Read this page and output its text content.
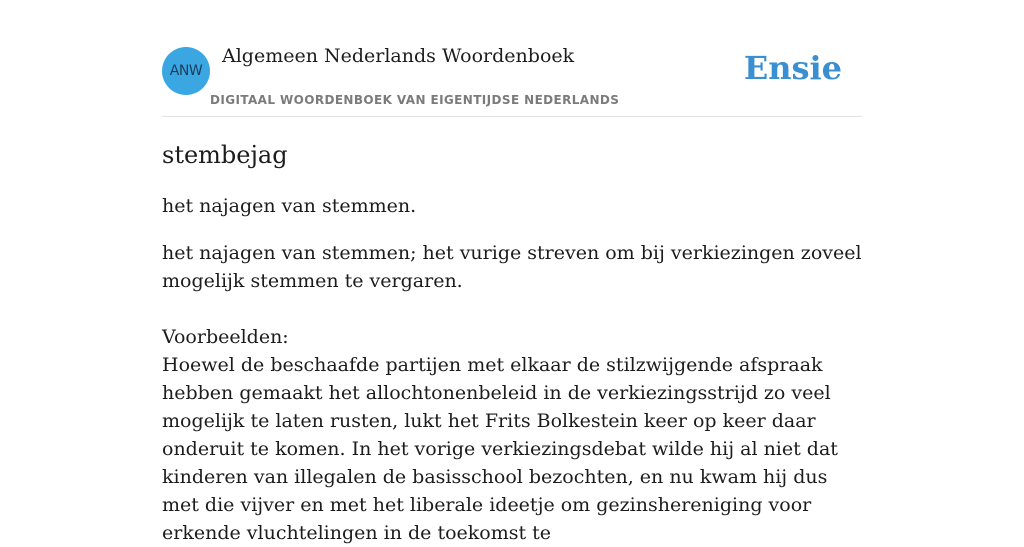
ANW
Algemeen Nederlands Woordenboek
DIGITAAL WOORDENBOEK VAN EIGENTIJDSE NEDERLANDS
Ensie
stembejag
het najagen van stemmen.
het najagen van stemmen; het vurige streven om bij verkiezingen zoveel mogelijk stemmen te vergaren.
Voorbeelden:
Hoewel de beschaafde partijen met elkaar de stilzwijgende afspraak hebben gemaakt het allochtonenbeleid in de verkiezingsstrijd zo veel mogelijk te laten rusten, lukt het Frits Bolkestein keer op keer daar onderuit te komen. In het vorige verkiezingsdebat wilde hij al niet dat kinderen van illegalen de basisschool bezochten, en nu kwam hij dus met die vijver en met het liberale ideetje om gezinshereniging voor erkende vluchtelingen in de toekomst te
